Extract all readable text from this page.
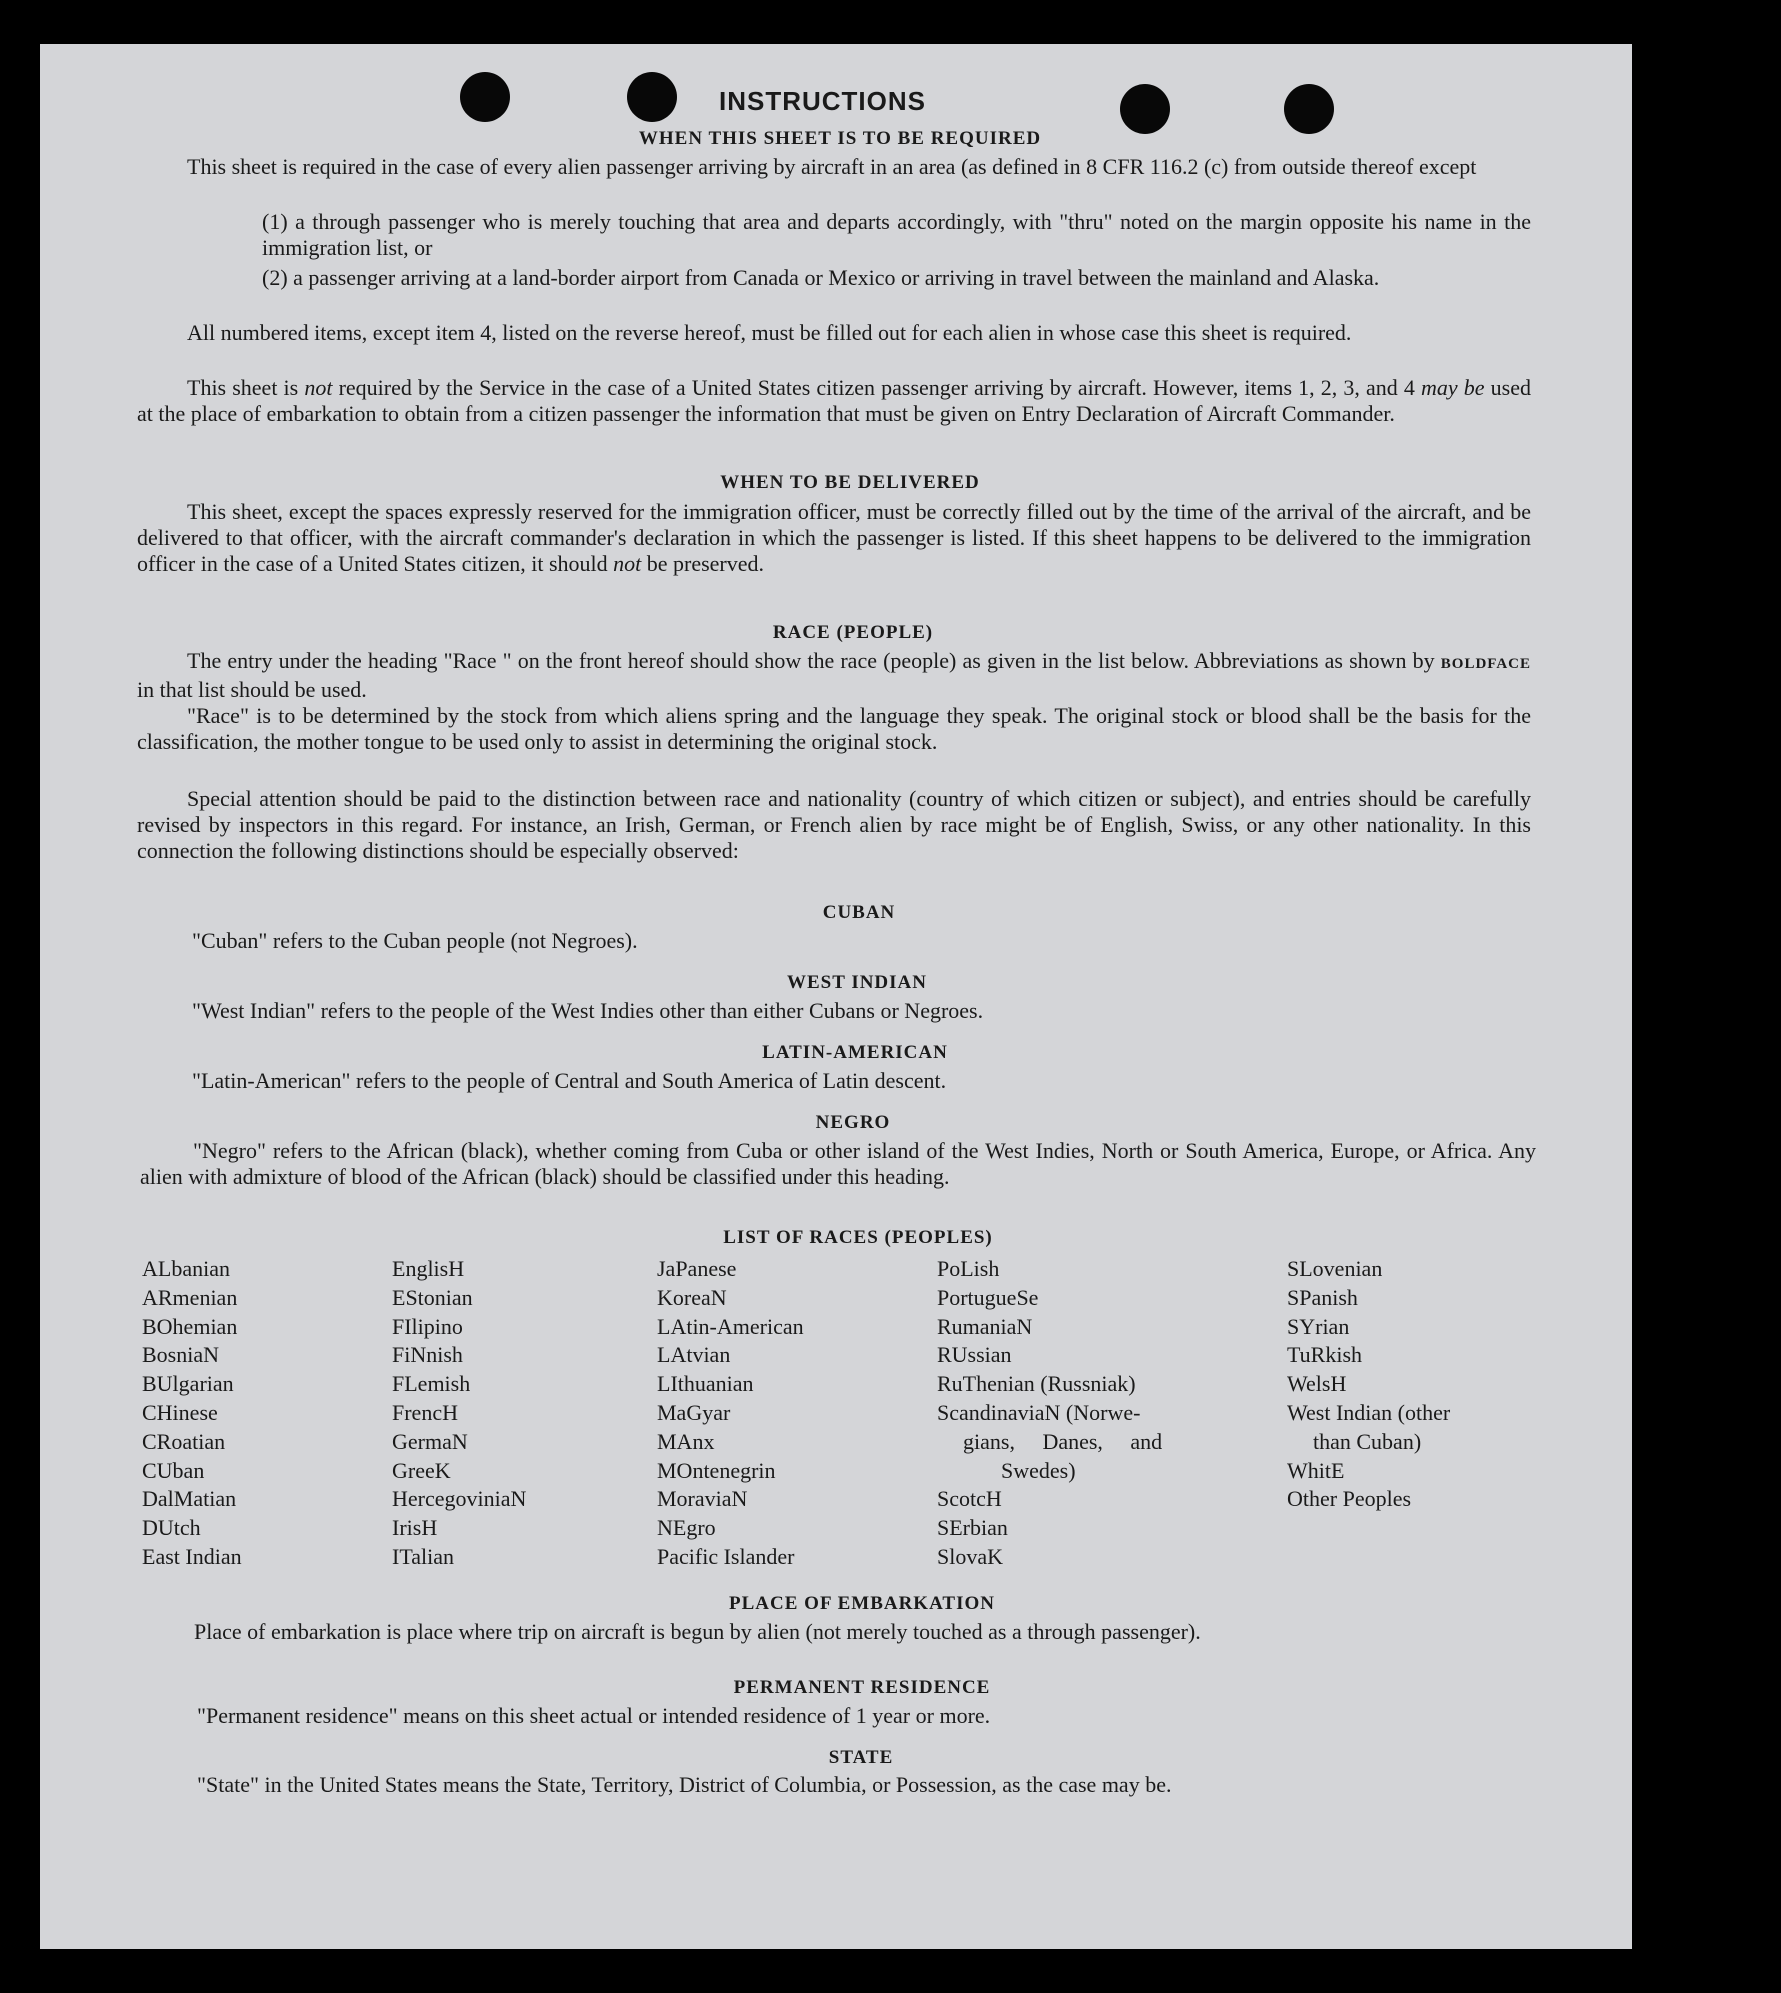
INSTRUCTIONS
WHEN THIS SHEET IS TO BE REQUIRED
This sheet is required in the case of every alien passenger arriving by aircraft in an area (as defined in 8 CFR 116.2 (c) from outside thereof except
(1) a through passenger who is merely touching that area and departs accordingly, with "thru" noted on the margin opposite his name in the immigration list, or
(2) a passenger arriving at a land-border airport from Canada or Mexico or arriving in travel between the mainland and Alaska.
All numbered items, except item 4, listed on the reverse hereof, must be filled out for each alien in whose case this sheet is required.
This sheet is not required by the Service in the case of a United States citizen passenger arriving by aircraft. However, items 1, 2, 3, and 4 may be used at the place of embarkation to obtain from a citizen passenger the information that must be given on Entry Declaration of Aircraft Commander.
WHEN TO BE DELIVERED
This sheet, except the spaces expressly reserved for the immigration officer, must be correctly filled out by the time of the arrival of the aircraft, and be delivered to that officer, with the aircraft commander's declaration in which the passenger is listed. If this sheet happens to be delivered to the immigration officer in the case of a United States citizen, it should not be preserved.
RACE (PEOPLE)
The entry under the heading "Race " on the front hereof should show the race (people) as given in the list below. Abbreviations as shown by BOLDFACE in that list should be used.
"Race" is to be determined by the stock from which aliens spring and the language they speak. The original stock or blood shall be the basis for the classification, the mother tongue to be used only to assist in determining the original stock.
Special attention should be paid to the distinction between race and nationality (country of which citizen or subject), and entries should be carefully revised by inspectors in this regard. For instance, an Irish, German, or French alien by race might be of English, Swiss, or any other nationality. In this connection the following distinctions should be especially observed:
CUBAN
"Cuban" refers to the Cuban people (not Negroes).
WEST INDIAN
"West Indian" refers to the people of the West Indies other than either Cubans or Negroes.
LATIN-AMERICAN
"Latin-American" refers to the people of Central and South America of Latin descent.
NEGRO
"Negro" refers to the African (black), whether coming from Cuba or other island of the West Indies, North or South America, Europe, or Africa. Any alien with admixture of blood of the African (black) should be classified under this heading.
LIST OF RACES (PEOPLES)
ALbanian
ARmenian
BOhemian
BosniaN
BUlgarian
CHinese
CRoatian
CUban
DalMatian
DUtch
East Indian
EnglisH
EStonian
FIlipino
FiNnish
FLemish
FrencH
GermaN
GreeK
HercegoviniaN
IrisH
ITalian
JaPanese
KoreaN
LAtin-American
LAtvian
LIthuanian
MaGyar
MAnx
MOntenegrin
MoraviaN
NEgro
Pacific Islander
PoLish
PortugueSe
RumaniaN
RUssian
RuThenian (Russniak)
ScandinaviaN (Norwe-
gians, Danes, and
Swedes)
ScotcH
SErbian
SlovaK
SLovenian
SPanish
SYrian
TuRkish
WelsH
West Indian (other
than Cuban)
WhitE
Other Peoples
PLACE OF EMBARKATION
Place of embarkation is place where trip on aircraft is begun by alien (not merely touched as a through passenger).
PERMANENT RESIDENCE
"Permanent residence" means on this sheet actual or intended residence of 1 year or more.
STATE
"State" in the United States means the State, Territory, District of Columbia, or Possession, as the case may be.
